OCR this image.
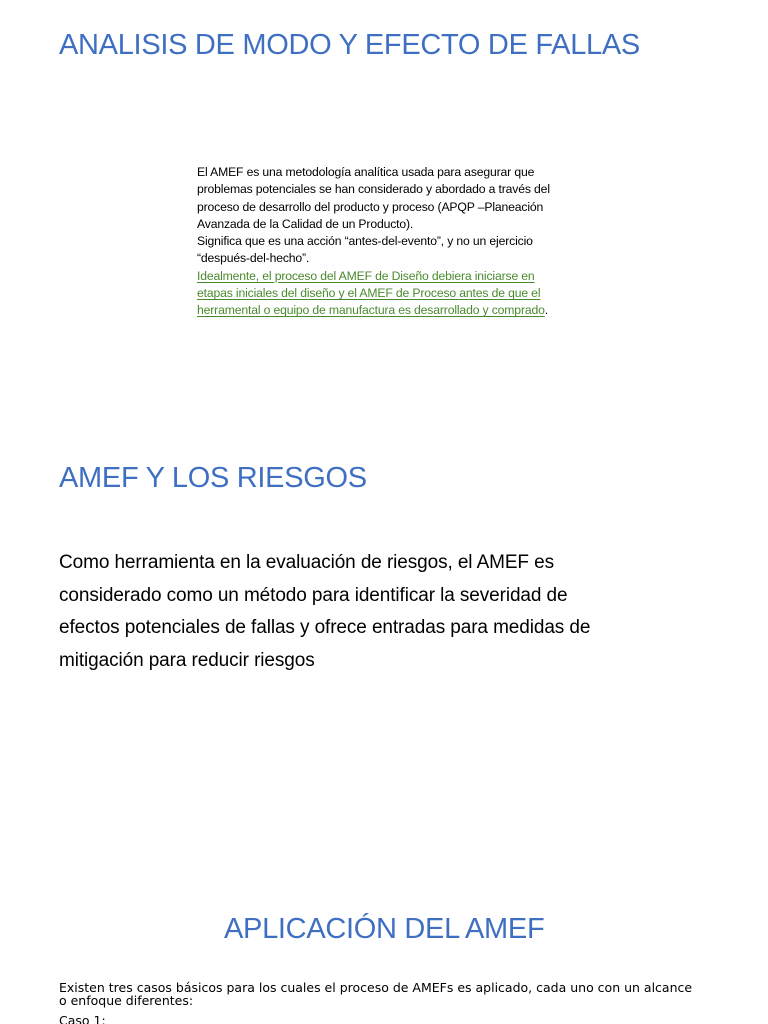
ANALISIS DE MODO Y EFECTO DE FALLAS

El AMEF es una metodología analítica usada para asegurar que
problemas potenciales se han considerado y abordado a través del
proceso de desarrollo del producto y proceso (APQP –Planeación
Avanzada de la Calidad de un Producto).

Significa que es una acción “antes-del-evento”, y no un ejercicio
“después-del-hecho”.

Idealmente, el proceso del AMEF de Diseño debiera iniciarse en
etapas iniciales del diseño y el AMEF de Proceso antes de que el
herramental o equipo de manufactura es desarrollado y comprado.

AMEF Y LOS RIESGOS

Como herramienta en la evaluación de riesgos, el AMEF es
considerado como un método para identificar la severidad de
efectos potenciales de fallas y ofrece entradas para medidas de
mitigación para reducir riesgos

APLICACIÓN DEL AMEF

Existen tres casos básicos para los cuales el proceso de AMEFs es aplicado, cada uno con un alcance
o enfoque diferentes:

Caso 1:
